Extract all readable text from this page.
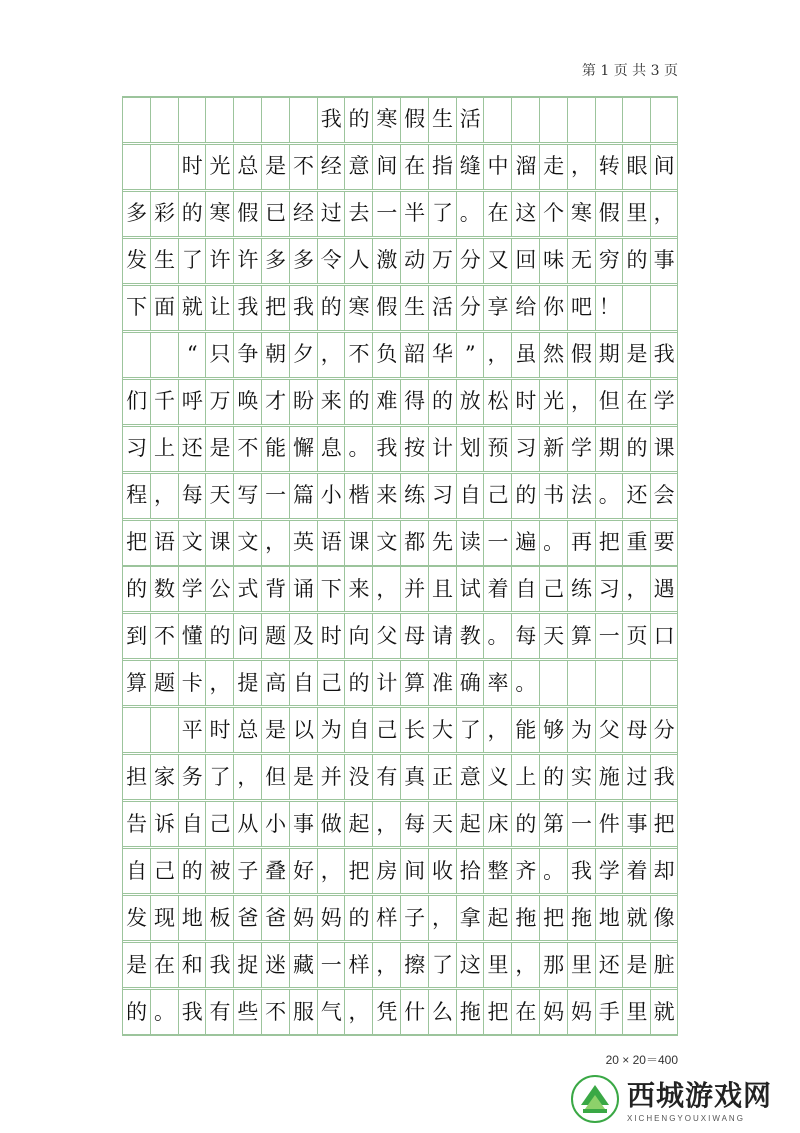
第 1 页 共 3 页
我 的 寒 假 生 活
时 光 总 是 不 经 意 间 在 指 缝 中 溜 走 ， 转 眼 间
多 彩 的 寒 假 已 经 过 去 一 半 了 。 在 这 个 寒 假 里 ，
发 生 了 许 许 多 多 令 人 激 动 万 分 又 回 味 无 穷 的 事
下 面 就 让 我 把 我 的 寒 假 生 活 分 享 给 你 吧 ！
“ 只 争 朝 夕 ， 不 负 韶 华 ” ， 虽 然 假 期 是 我
们 千 呼 万 唤 才 盼 来 的 难 得 的 放 松 时 光 ， 但 在 学
习 上 还 是 不 能 懈 息 。 我 按 计 划 预 习 新 学 期 的 课
程 ， 每 天 写 一 篇 小 楷 来 练 习 自 己 的 书 法 。 还 会
把 语 文 课 文 ， 英 语 课 文 都 先 读 一 遍 。 再 把 重 要
的 数 学 公 式 背 诵 下 来 ， 并 且 试 着 自 己 练 习 ， 遇
到 不 懂 的 问 题 及 时 向 父 母 请 教 。 每 天 算 一 页 口
算 题 卡 ， 提 高 自 己 的 计 算 准 确 率 。
平 时 总 是 以 为 自 己 长 大 了 ， 能 够 为 父 母 分
担 家 务 了 ， 但 是 并 没 有 真 正 意 义 上 的 实 施 过 我
告 诉 自 己 从 小 事 做 起 ， 每 天 起 床 的 第 一 件 事 把
自 己 的 被 子 叠 好 ， 把 房 间 收 拾 整 齐 。 我 学 着 却
发 现 地 板 爸 爸 妈 妈 的 样 子 ， 拿 起 拖 把 拖 地 就 像
是 在 和 我 捉 迷 藏 一 样 ， 擦 了 这 里 ， 那 里 还 是 脏
的 。 我 有 些 不 服 气 ， 凭 什 么 拖 把 在 妈 妈 手 里 就
20 × 20＝400
西城游戏网
XICHENGYOUXIWANG
